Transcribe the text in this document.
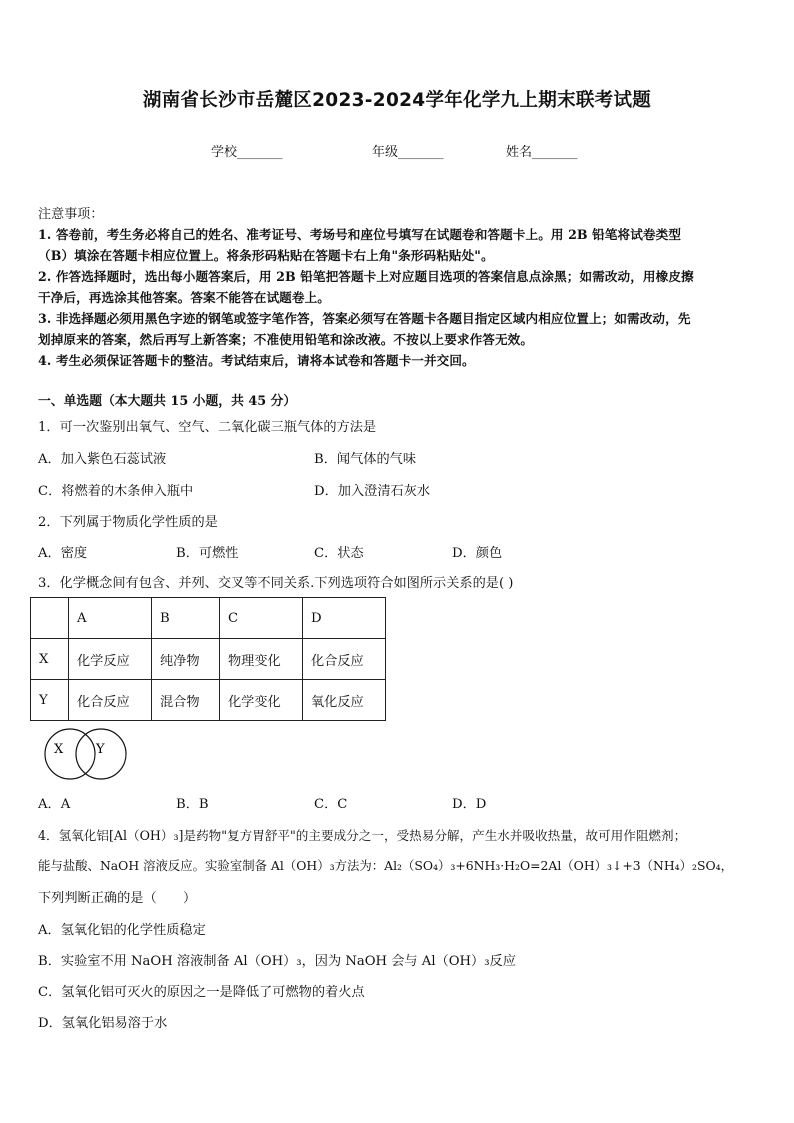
湖南省长沙市岳麓区2023-2024学年化学九上期末联考试题
学校_______	年级_______	姓名_______
注意事项：
1. 答卷前，考生务必将自己的姓名、准考证号、考场号和座位号填写在试题卷和答题卡上。用 2B 铅笔将试卷类型
（B）填涂在答题卡相应位置上。将条形码粘贴在答题卡右上角"条形码粘贴处"。
2. 作答选择题时，选出每小题答案后，用 2B 铅笔把答题卡上对应题目选项的答案信息点涂黑；如需改动，用橡皮擦
干净后，再选涂其他答案。答案不能答在试题卷上。
3. 非选择题必须用黑色字迹的钢笔或签字笔作答，答案必须写在答题卡各题目指定区域内相应位置上；如需改动，先
划掉原来的答案，然后再写上新答案；不准使用铅笔和涂改液。不按以上要求作答无效。
4. 考生必须保证答题卡的整洁。考试结束后，请将本试卷和答题卡一并交回。
一、单选题（本大题共 15 小题，共 45 分）
1．可一次鉴别出氧气、空气、二氧化碳三瓶气体的方法是
A．加入紫色石蕊试液	B．闻气体的气味
C．将燃着的木条伸入瓶中	D．加入澄清石灰水
2．下列属于物质化学性质的是
A．密度	B．可燃性	C．状态	D．颜色
3．化学概念间有包含、并列、交叉等不同关系.下列选项符合如图所示关系的是( )
	A	B	C	D
X	化学反应	纯净物	物理变化	化合反应
Y	化合反应	混合物	化学变化	氧化反应
X	Y
A．A	B．B	C．C	D．D
4．氢氧化铝[Al（OH）₃]是药物"复方胃舒平"的主要成分之一，受热易分解，产生水并吸收热量，故可用作阻燃剂；
能与盐酸、NaOH 溶液反应。实验室制备 Al（OH）₃方法为：Al₂（SO₄）₃+6NH₃·H₂O=2Al（OH）₃↓+3（NH₄）₂SO₄，
下列判断正确的是（　　）
A．氢氧化铝的化学性质稳定
B．实验室不用 NaOH 溶液制备 Al（OH）₃，因为 NaOH 会与 Al（OH）₃反应
C．氢氧化铝可灭火的原因之一是降低了可燃物的着火点
D．氢氧化铝易溶于水
